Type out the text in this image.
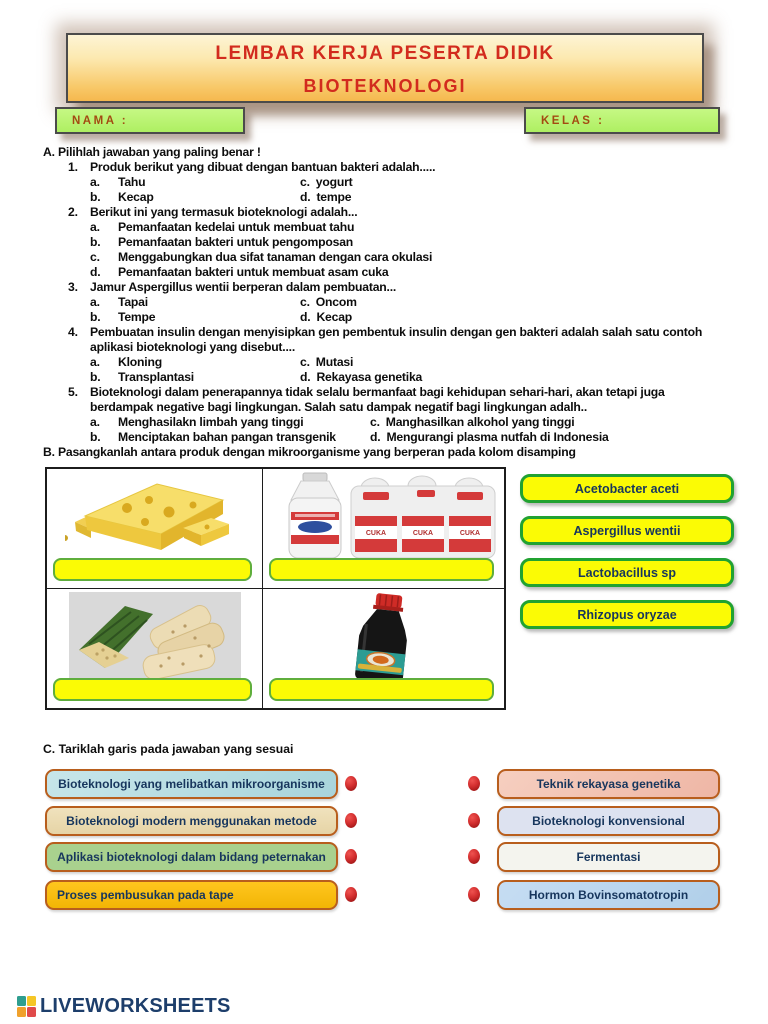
LEMBAR KERJA PESERTA DIDIK
BIOTEKNOLOGI
NAMA :	KELAS :
A. Pilihlah jawaban yang paling benar !
1.	Produk berikut yang dibuat dengan bantuan bakteri adalah.....
a.	Tahu	c. yogurt
b.	Kecap	d. tempe
2.	Berikut ini yang termasuk bioteknologi adalah...
a.	Pemanfaatan kedelai untuk membuat tahu
b.	Pemanfaatan bakteri untuk pengomposan
c.	Menggabungkan dua sifat tanaman dengan cara okulasi
d.	Pemanfaatan bakteri untuk membuat asam cuka
3.	Jamur Aspergillus wentii berperan dalam pembuatan...
a.	Tapai	c. Oncom
b.	Tempe	d. Kecap
4.	Pembuatan insulin dengan menyisipkan gen pembentuk insulin dengan gen bakteri adalah salah satu contoh
aplikasi bioteknologi yang disebut....
a.	Kloning	c. Mutasi
b.	Transplantasi	d. Rekayasa genetika
5.	Bioteknologi dalam penerapannya tidak selalu bermanfaat bagi kehidupan sehari-hari, akan tetapi juga
berdampak negative bagi lingkungan. Salah satu dampak negatif bagi lingkungan adalh..
a.	Menghasilakn limbah yang tinggi	c. Manghasilkan alkohol yang tinggi
b.	Menciptakan bahan pangan transgenik	d. Mengurangi plasma nutfah di Indonesia
B. Pasangkanlah antara produk dengan mikroorganisme yang berperan pada kolom disamping
CUKA	CUKA	CUKA
Acetobacter aceti
Aspergillus wentii
Lactobacillus sp
Rhizopus oryzae
C. Tariklah garis pada jawaban yang sesuai
Bioteknologi yang melibatkan mikroorganisme
Bioteknologi modern menggunakan metode
Aplikasi bioteknologi dalam bidang peternakan
Proses pembusukan pada tape
Teknik rekayasa genetika
Bioteknologi konvensional
Fermentasi
Hormon Bovinsomatotropin
LIVEWORKSHEETS
